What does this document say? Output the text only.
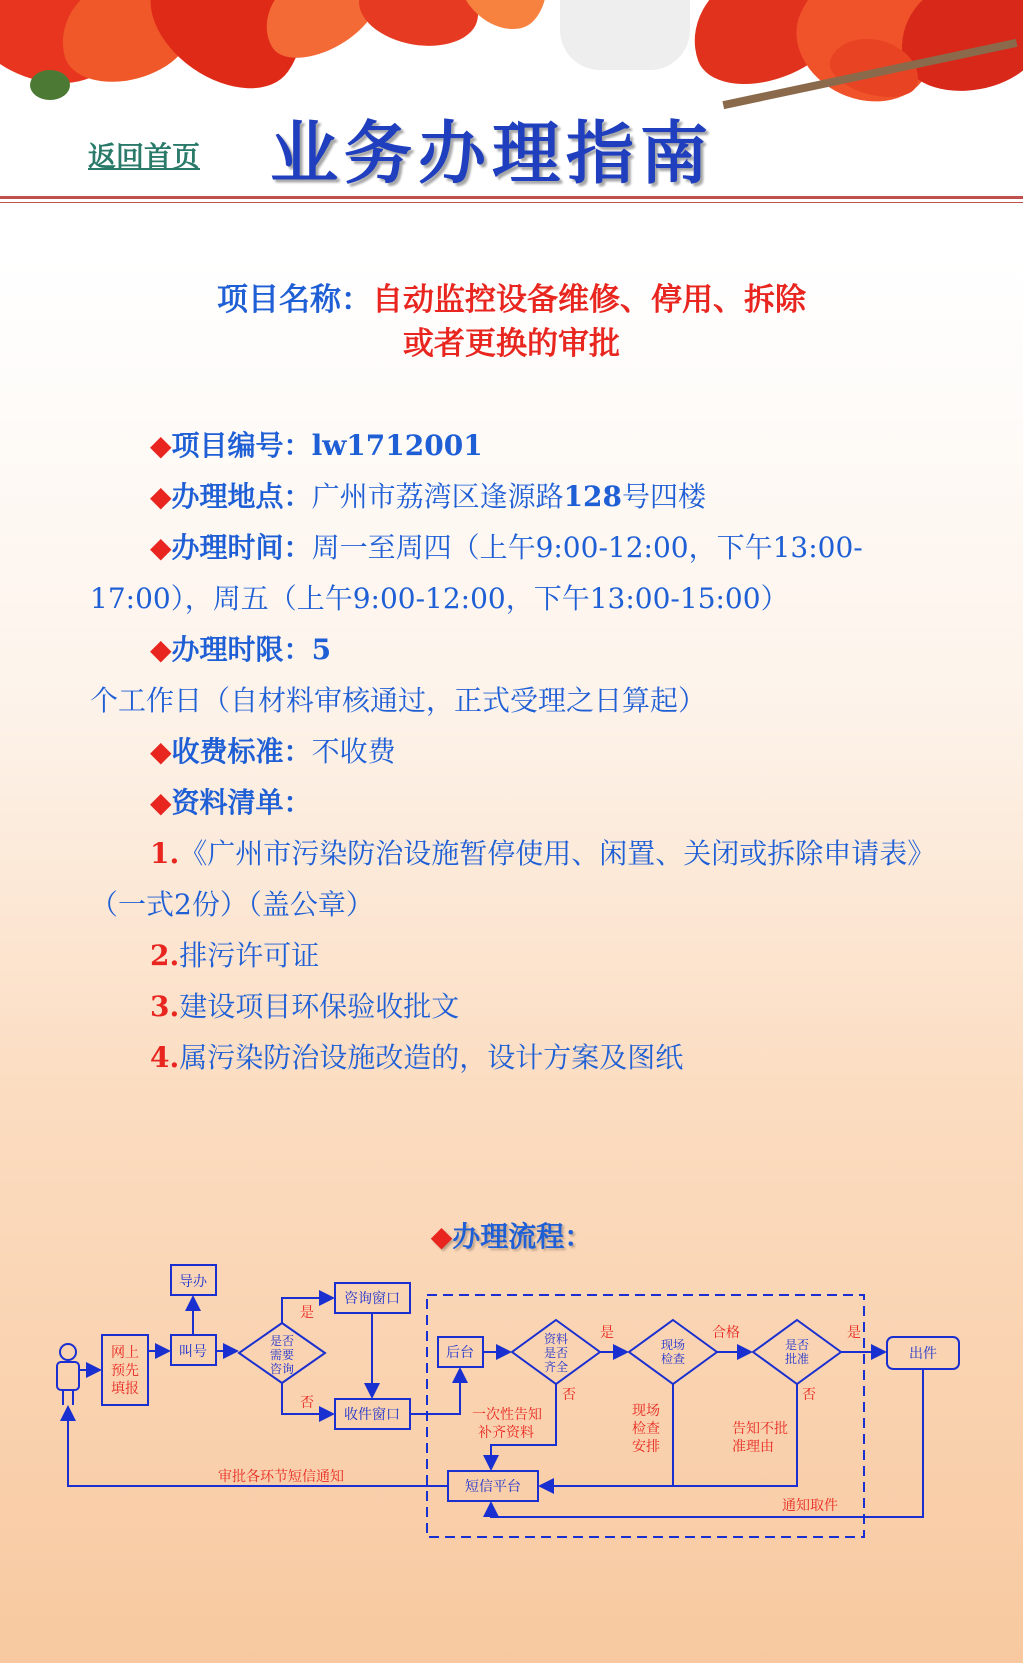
返回首页 业务办理指南
项目名称：自动监控设备维修、停用、拆除
或者更换的审批

◆项目编号：lw1712001

◆办理地点：广州市荔湾区逢源路128号四楼

◆办理时间：周一至周四（上午9:00-12:00，下午13:00-17:00），周五（上午9:00-12:00，下午13:00-15:00）

◆办理时限：5个工作日（自材料审核通过，正式受理之日算起）

◆收费标准：不收费

◆资料清单：

1.《广州市污染防治设施暂停使用、闲置、关闭或拆除申请表》（一式2份）（盖公章）

2.排污许可证

3.建设项目环保验收批文

4.属污染防治设施改造的，设计方案及图纸

◆办理流程：
网上
预先
填报
导办
叫号
是否
需要
咨询
咨询窗口
收件窗口
后台
资料
是否
齐全
现场
检查
是否
批准	出件
短信平台
是
否
是
否
合格	是
否
一次性告知
补齐资料
现场
检查
安排
告知不批
准理由
审批各环节短信通知
通知取件
